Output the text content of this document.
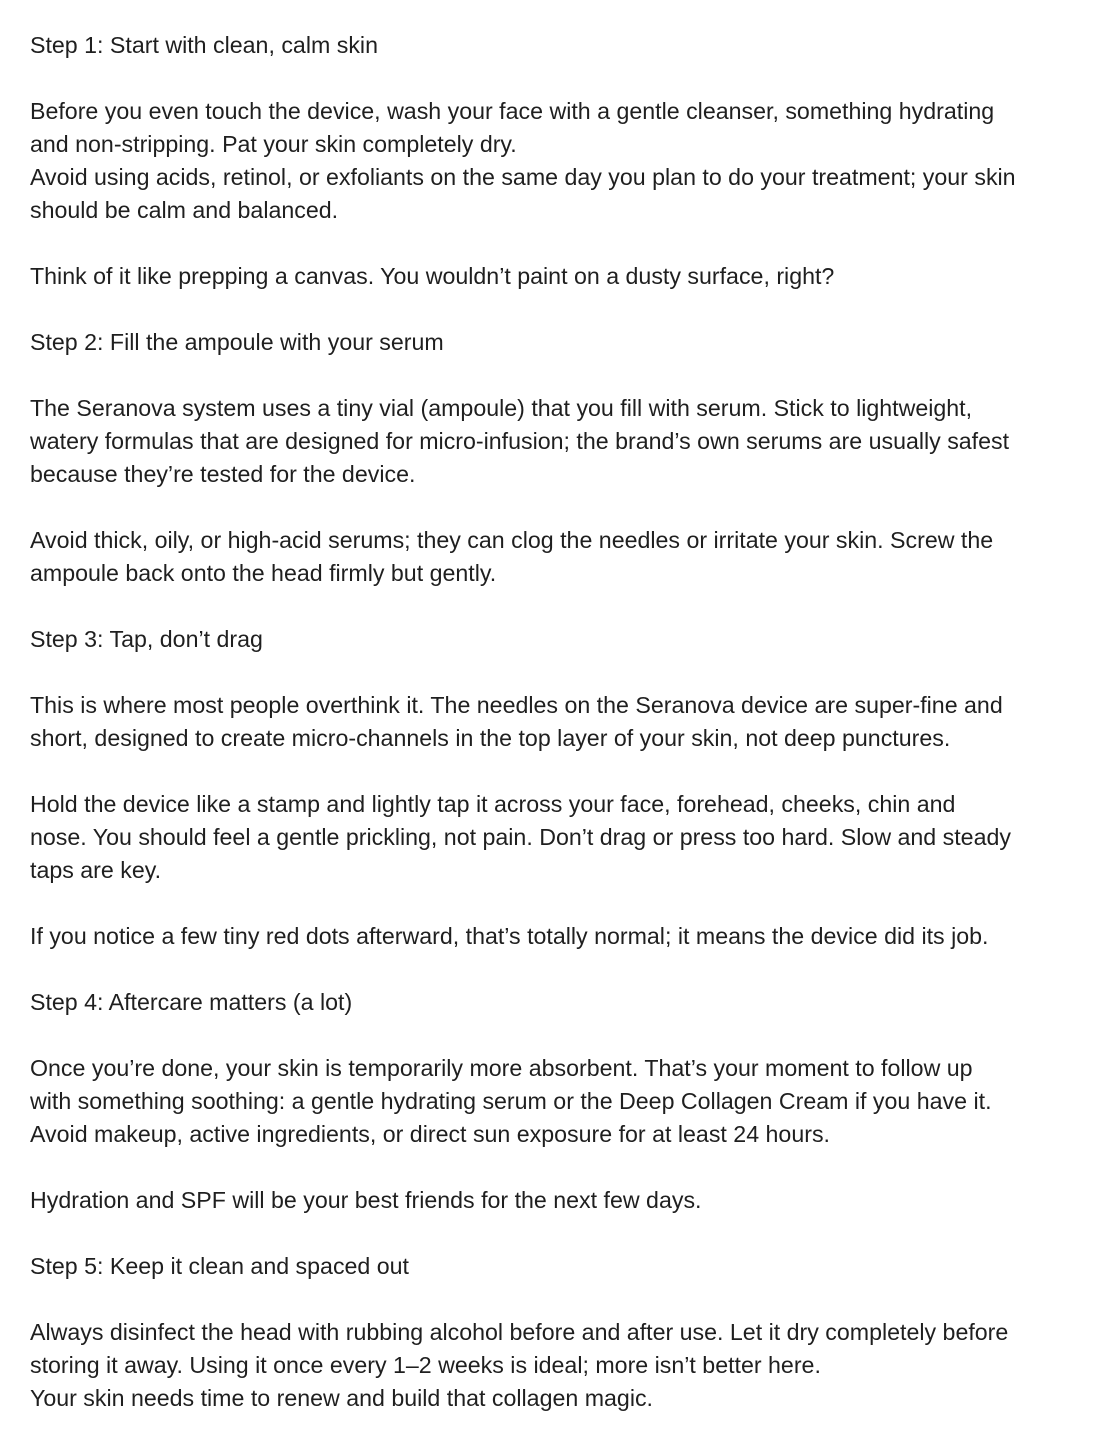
Step 1: Start with clean, calm skin

Before you even touch the device, wash your face with a gentle cleanser, something hydrating

and non-stripping. Pat your skin completely dry.

Avoid using acids, retinol, or exfoliants on the same day you plan to do your treatment; your skin

should be calm and balanced.

Think of it like prepping a canvas. You wouldn’t paint on a dusty surface, right?

Step 2: Fill the ampoule with your serum

The Seranova system uses a tiny vial (ampoule) that you fill with serum. Stick to lightweight,

watery formulas that are designed for micro-infusion; the brand’s own serums are usually safest

because they’re tested for the device.

Avoid thick, oily, or high-acid serums; they can clog the needles or irritate your skin. Screw the

ampoule back onto the head firmly but gently.

Step 3: Tap, don’t drag

This is where most people overthink it. The needles on the Seranova device are super-fine and

short, designed to create micro-channels in the top layer of your skin, not deep punctures.

Hold the device like a stamp and lightly tap it across your face, forehead, cheeks, chin and

nose. You should feel a gentle prickling, not pain. Don’t drag or press too hard. Slow and steady

taps are key.

If you notice a few tiny red dots afterward, that’s totally normal; it means the device did its job.

Step 4: Aftercare matters (a lot)

Once you’re done, your skin is temporarily more absorbent. That’s your moment to follow up

with something soothing: a gentle hydrating serum or the Deep Collagen Cream if you have it.

Avoid makeup, active ingredients, or direct sun exposure for at least 24 hours.

Hydration and SPF will be your best friends for the next few days.

Step 5: Keep it clean and spaced out

Always disinfect the head with rubbing alcohol before and after use. Let it dry completely before

storing it away. Using it once every 1–2 weeks is ideal; more isn’t better here.

Your skin needs time to renew and build that collagen magic.
